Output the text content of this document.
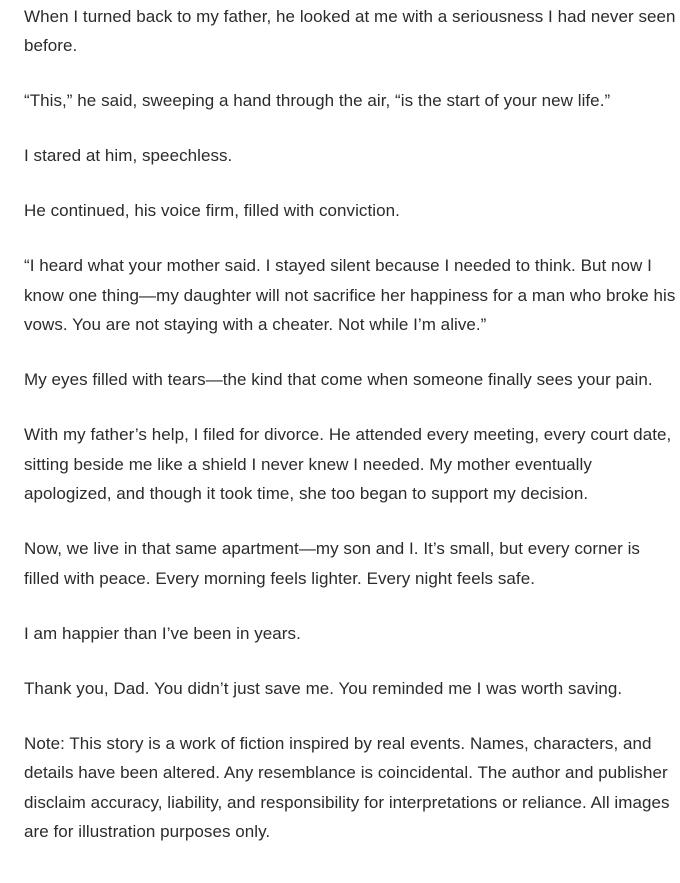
When I turned back to my father, he looked at me with a seriousness I had never seen before.

“This,” he said, sweeping a hand through the air, “is the start of your new life.”

I stared at him, speechless.

He continued, his voice firm, filled with conviction.

“I heard what your mother said. I stayed silent because I needed to think. But now I know one thing—my daughter will not sacrifice her happiness for a man who broke his vows. You are not staying with a cheater. Not while I’m alive.”

My eyes filled with tears—the kind that come when someone finally sees your pain.

With my father’s help, I filed for divorce. He attended every meeting, every court date, sitting beside me like a shield I never knew I needed. My mother eventually apologized, and though it took time, she too began to support my decision.

Now, we live in that same apartment—my son and I. It’s small, but every corner is filled with peace. Every morning feels lighter. Every night feels safe.

I am happier than I’ve been in years.

Thank you, Dad. You didn’t just save me. You reminded me I was worth saving.

Note: This story is a work of fiction inspired by real events. Names, characters, and details have been altered. Any resemblance is coincidental. The author and publisher disclaim accuracy, liability, and responsibility for interpretations or reliance. All images are for illustration purposes only.
